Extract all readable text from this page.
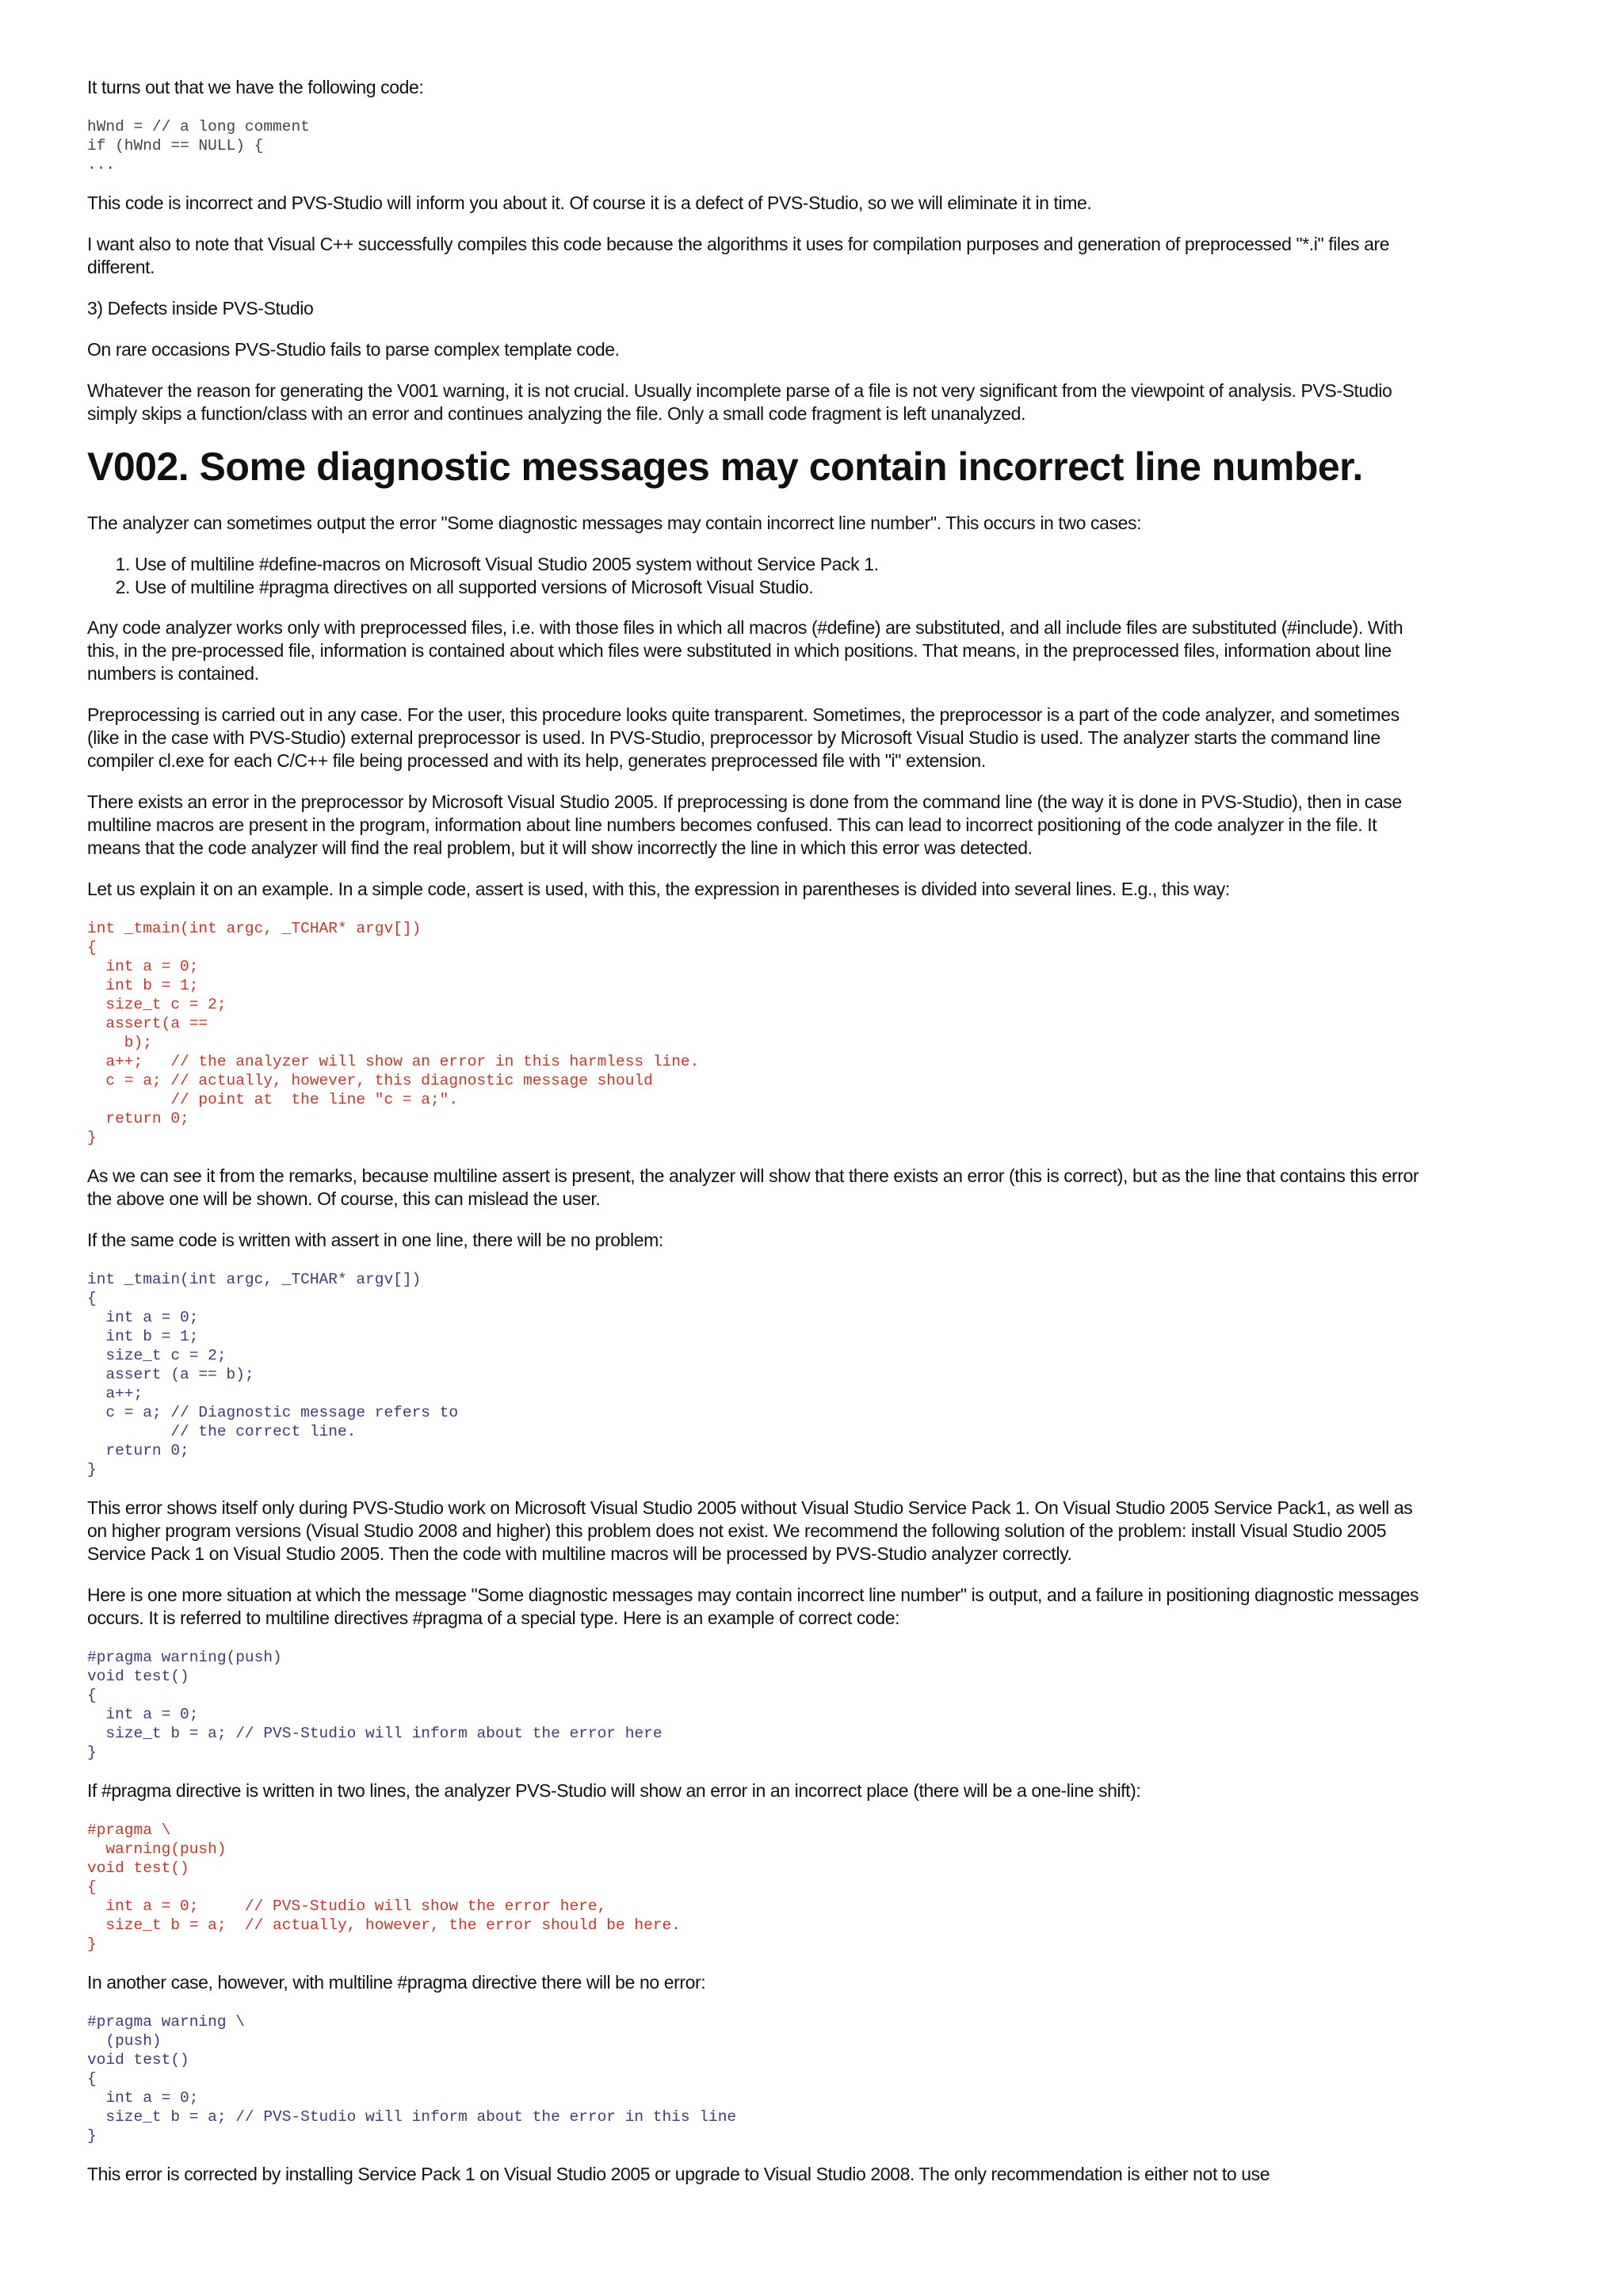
It turns out that we have the following code:

hWnd = // a long comment
if (hWnd == NULL) {
...

This code is incorrect and PVS-Studio will inform you about it. Of course it is a defect of PVS-Studio, so we will eliminate it in time.

I want also to note that Visual C++ successfully compiles this code because the algorithms it uses for compilation purposes and generation of preprocessed "*.i" files are different.

3) Defects inside PVS-Studio

On rare occasions PVS-Studio fails to parse complex template code.

Whatever the reason for generating the V001 warning, it is not crucial. Usually incomplete parse of a file is not very significant from the viewpoint of analysis. PVS-Studio simply skips a function/class with an error and continues analyzing the file. Only a small code fragment is left unanalyzed.

V002. Some diagnostic messages may contain incorrect line number.

The analyzer can sometimes output the error "Some diagnostic messages may contain incorrect line number". This occurs in two cases:

1. Use of multiline #define-macros on Microsoft Visual Studio 2005 system without Service Pack 1.
2. Use of multiline #pragma directives on all supported versions of Microsoft Visual Studio.

Any code analyzer works only with preprocessed files, i.e. with those files in which all macros (#define) are substituted, and all include files are substituted (#include). With this, in the pre-processed file, information is contained about which files were substituted in which positions. That means, in the preprocessed files, information about line numbers is contained.

Preprocessing is carried out in any case. For the user, this procedure looks quite transparent. Sometimes, the preprocessor is a part of the code analyzer, and sometimes (like in the case with PVS-Studio) external preprocessor is used. In PVS-Studio, preprocessor by Microsoft Visual Studio is used. The analyzer starts the command line compiler cl.exe for each C/C++ file being processed and with its help, generates preprocessed file with "i" extension.

There exists an error in the preprocessor by Microsoft Visual Studio 2005. If preprocessing is done from the command line (the way it is done in PVS-Studio), then in case multiline macros are present in the program, information about line numbers becomes confused. This can lead to incorrect positioning of the code analyzer in the file. It means that the code analyzer will find the real problem, but it will show incorrectly the line in which this error was detected.

Let us explain it on an example. In a simple code, assert is used, with this, the expression in parentheses is divided into several lines. E.g., this way:

int _tmain(int argc, _TCHAR* argv[])
{
int a = 0;
int b = 1;
size_t c = 2;
assert(a ==
b);
a++;   // the analyzer will show an error in this harmless line.
c = a; // actually, however, this diagnostic message should
// point at  the line "c = a;".
return 0;
}

As we can see it from the remarks, because multiline assert is present, the analyzer will show that there exists an error (this is correct), but as the line that contains this error the above one will be shown. Of course, this can mislead the user.

If the same code is written with assert in one line, there will be no problem:

int _tmain(int argc, _TCHAR* argv[])
{
int a = 0;
int b = 1;
size_t c = 2;
assert (a == b);
a++;
c = a; // Diagnostic message refers to
// the correct line.
return 0;
}

This error shows itself only during PVS-Studio work on Microsoft Visual Studio 2005 without Visual Studio Service Pack 1. On Visual Studio 2005 Service Pack1, as well as on higher program versions (Visual Studio 2008 and higher) this problem does not exist. We recommend the following solution of the problem: install Visual Studio 2005 Service Pack 1 on Visual Studio 2005. Then the code with multiline macros will be processed by PVS-Studio analyzer correctly.

Here is one more situation at which the message "Some diagnostic messages may contain incorrect line number" is output, and a failure in positioning diagnostic messages occurs. It is referred to multiline directives #pragma of a special type. Here is an example of correct code:

#pragma warning(push)
void test()
{
int a = 0;
size_t b = a; // PVS-Studio will inform about the error here
}

If #pragma directive is written in two lines, the analyzer PVS-Studio will show an error in an incorrect place (there will be a one-line shift):

#pragma \
warning(push)
void test()
{
int a = 0;     // PVS-Studio will show the error here,
size_t b = a;  // actually, however, the error should be here.
}

In another case, however, with multiline #pragma directive there will be no error:

#pragma warning \
(push)
void test()
{
int a = 0;
size_t b = a; // PVS-Studio will inform about the error in this line
}

This error is corrected by installing Service Pack 1 on Visual Studio 2005 or upgrade to Visual Studio 2008. The only recommendation is either not to use
